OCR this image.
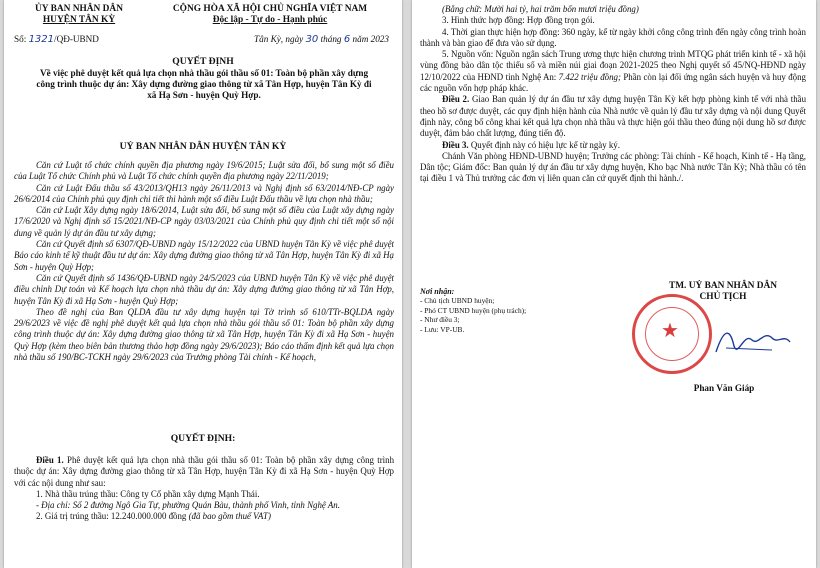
ỦY BAN NHÂN DÂN
HUYỆN TÂN KỲ
CỘNG HÒA XÃ HỘI CHỦ NGHĨA VIỆT NAM
Độc lập - Tự do - Hạnh phúc
Số: 1321/QĐ-UBND	Tân Kỳ, ngày 30 tháng 6 năm 2023
QUYẾT ĐỊNH
Về việc phê duyệt kết quả lựa chọn nhà thầu gói thầu số 01: Toàn bộ phần xây dựng công trình thuộc dự án: Xây dựng đường giao thông từ xã Tân Hợp, huyện Tân Kỳ đi xã Hạ Sơn - huyện Quỳ Hợp.
UỶ BAN NHÂN DÂN HUYỆN TÂN KỲ

Căn cứ Luật tổ chức chính quyền địa phương ngày 19/6/2015; Luật sửa đổi, bổ sung một số điều của Luật Tổ chức Chính phủ và Luật Tổ chức chính quyền địa phương ngày 22/11/2019;

Căn cứ Luật Đấu thầu số 43/2013/QH13 ngày 26/11/2013 và Nghị định số 63/2014/NĐ-CP ngày 26/6/2014 của Chính phủ quy định chi tiết thi hành một số điều Luật Đấu thầu về lựa chọn nhà thầu;

Căn cứ Luật Xây dựng ngày 18/6/2014, Luật sửa đổi, bổ sung một số điều của Luật xây dựng ngày 17/6/2020 và Nghị định số 15/2021/NĐ-CP ngày 03/03/2021 của Chính phủ quy định chi tiết một số nội dung về quản lý dự án đầu tư xây dựng;

Căn cứ Quyết định số 6307/QĐ-UBND ngày 15/12/2022 của UBND huyện Tân Kỳ về việc phê duyệt Báo cáo kinh tế kỹ thuật đầu tư dự án: Xây dựng đường giao thông từ xã Tân Hợp, huyện Tân Kỳ đi xã Hạ Sơn - huyện Quỳ Hợp;

Căn cứ Quyết định số 1436/QĐ-UBND ngày 24/5/2023 của UBND huyện Tân Kỳ về việc phê duyệt điều chỉnh Dự toán và Kế hoạch lựa chọn nhà thầu dự án: Xây dựng đường giao thông từ xã Tân Hợp, huyện Tân Kỳ đi xã Hạ Sơn - huyện Quỳ Hợp;

Theo đề nghị của Ban QLDA đầu tư xây dựng huyện tại Tờ trình số 610/TTr-BQLDA ngày 29/6/2023 về việc đề nghị phê duyệt kết quả lựa chọn nhà thầu gói thầu số 01: Toàn bộ phần xây dựng công trình thuộc dự án: Xây dựng đường giao thông từ xã Tân Hợp, huyện Tân Kỳ đi xã Hạ Sơn - huyện Quỳ Hợp (kèm theo biên bản thương thảo hợp đồng ngày 29/6/2023); Báo cáo thẩm định kết quả lựa chọn nhà thầu số 190/BC-TCKH ngày 29/6/2023 của Trưởng phòng Tài chính - Kế hoạch,

QUYẾT ĐỊNH:

Điều 1. Phê duyệt kết quả lựa chọn nhà thầu gói thầu số 01: Toàn bộ phần xây dựng công trình thuộc dự án: Xây dựng đường giao thông từ xã Tân Hợp, huyện Tân Kỳ đi xã Hạ Sơn - huyện Quỳ Hợp với các nội dung như sau:

1. Nhà thầu trúng thầu: Công ty Cổ phần xây dựng Mạnh Thái.

- Địa chỉ: Số 2 đường Ngô Gia Tự, phường Quán Bàu, thành phố Vinh, tỉnh Nghệ An.

2. Giá trị trúng thầu: 12.240.000.000 đồng (đã bao gồm thuế VAT)

(Bằng chữ: Mười hai tỷ, hai trăm bốn mươi triệu đồng)

3. Hình thức hợp đồng: Hợp đồng trọn gói.

4. Thời gian thực hiện hợp đồng: 360 ngày, kể từ ngày khởi công công trình đến ngày công trình hoàn thành và bàn giao để đưa vào sử dụng.

5. Nguồn vốn: Nguồn ngân sách Trung ương thực hiện chương trình MTQG phát triển kinh tế - xã hội vùng đồng bào dân tộc thiểu số và miền núi giai đoạn 2021-2025 theo Nghị quyết số 45/NQ-HĐND ngày 12/10/2022 của HĐND tỉnh Nghệ An: 7.422 triệu đồng; Phần còn lại đối ứng ngân sách huyện và huy động các nguồn vốn hợp pháp khác.

Điều 2. Giao Ban quản lý dự án đầu tư xây dựng huyện Tân Kỳ kết hợp phòng kinh tế với nhà thầu theo hồ sơ được duyệt, các quy định hiện hành của Nhà nước về quản lý đầu tư xây dựng và nội dung Quyết định này, công bố công khai kết quả lựa chọn nhà thầu và thực hiện gói thầu theo đúng nội dung hồ sơ được duyệt, đảm bảo chất lượng, đúng tiến độ.

Điều 3. Quyết định này có hiệu lực kể từ ngày ký.

Chánh Văn phòng HĐND-UBND huyện; Trưởng các phòng: Tài chính - Kế hoạch, Kinh tế - Hạ tầng, Dân tộc; Giám đốc: Ban quản lý dự án đầu tư xây dựng huyện, Kho bạc Nhà nước Tân Kỳ; Nhà thầu có tên tại điều 1 và Thủ trưởng các đơn vị liên quan căn cứ quyết định thi hành./.

Nơi nhận:
- Chủ tịch UBND huyện;
- Phó CT UBND huyện (phụ trách);
- Như điều 3;
- Lưu: VP-UB.
TM. UỶ BAN NHÂN DÂN
CHỦ TỊCH
★
Phan Văn Giáp
